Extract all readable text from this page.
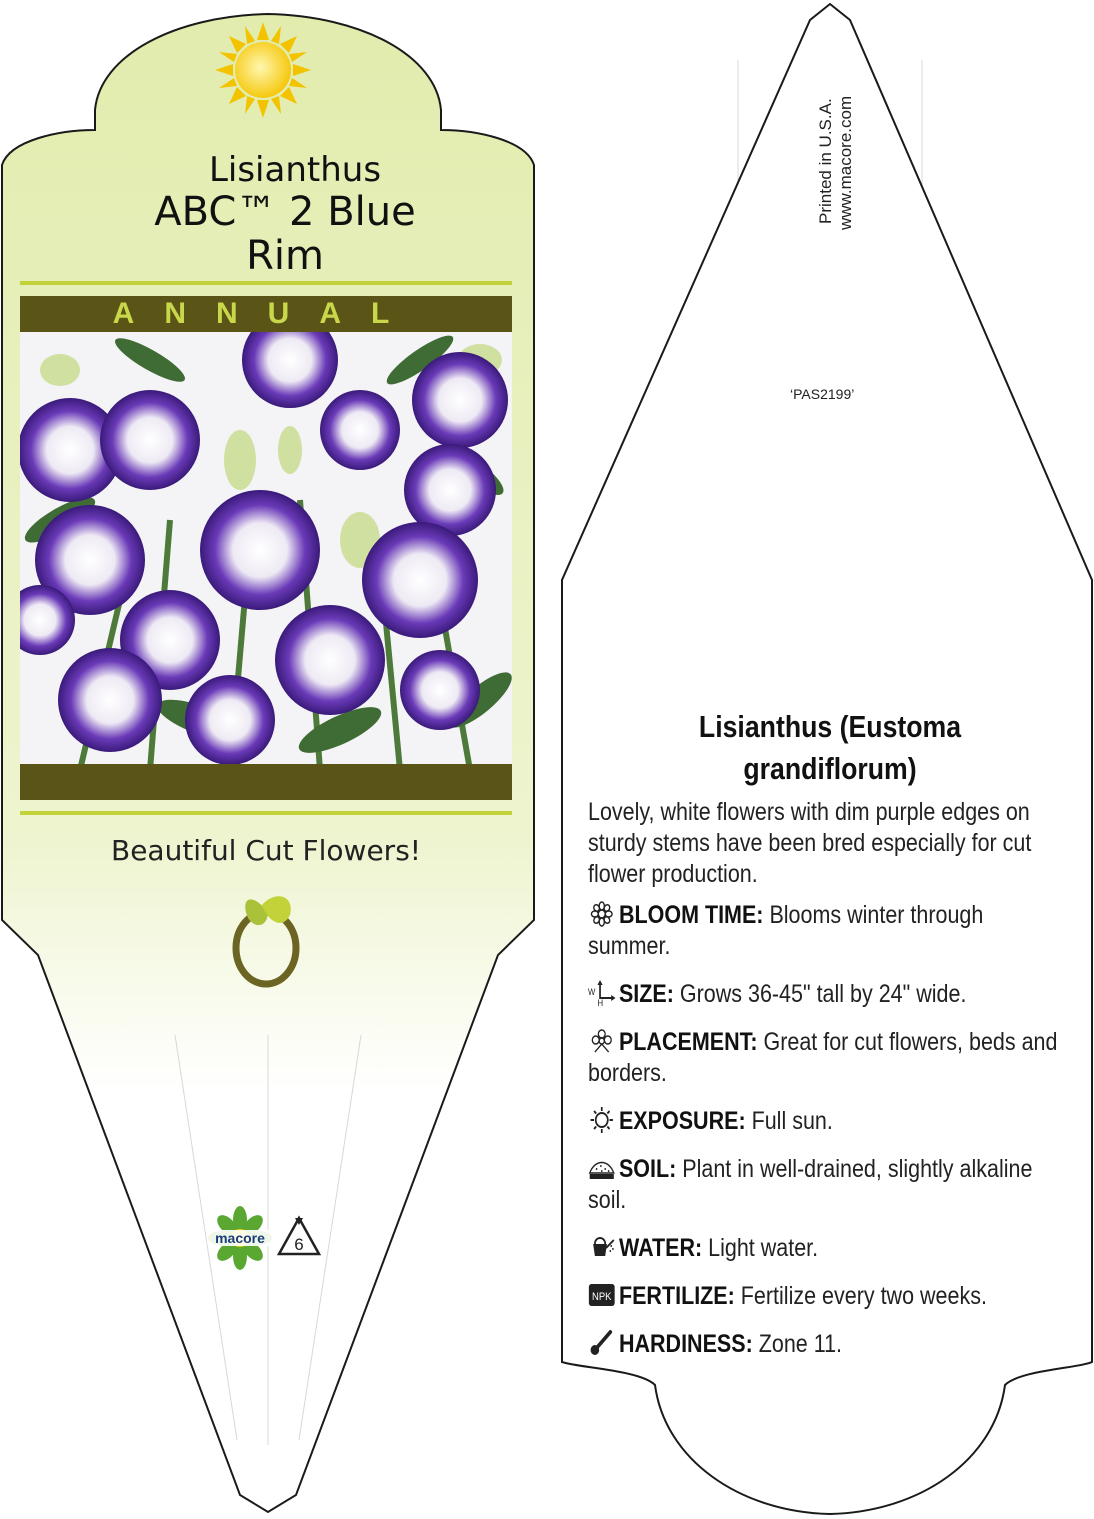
macore 6
Lisianthus
ABC™ 2 Blue
Rim
ANNUAL
Beautiful Cut Flowers!
Printed in U.S.A. www.macore.com
‘PAS2199’
Lisianthus (Eustoma
grandiflorum)
Lovely, white flowers with dim purple edges on sturdy stems have been bred especially for cut flower production.
BLOOM TIME: Blooms winter through summer.
W
H SIZE: Grows 36-45" tall by 24" wide.
PLACEMENT: Great for cut flowers, beds and borders.
EXPOSURE: Full sun.
SOIL: Plant in well-drained, slightly alkaline soil.
WATER: Light water.
NPK FERTILIZE: Fertilize every two weeks.
HARDINESS: Zone 11.
